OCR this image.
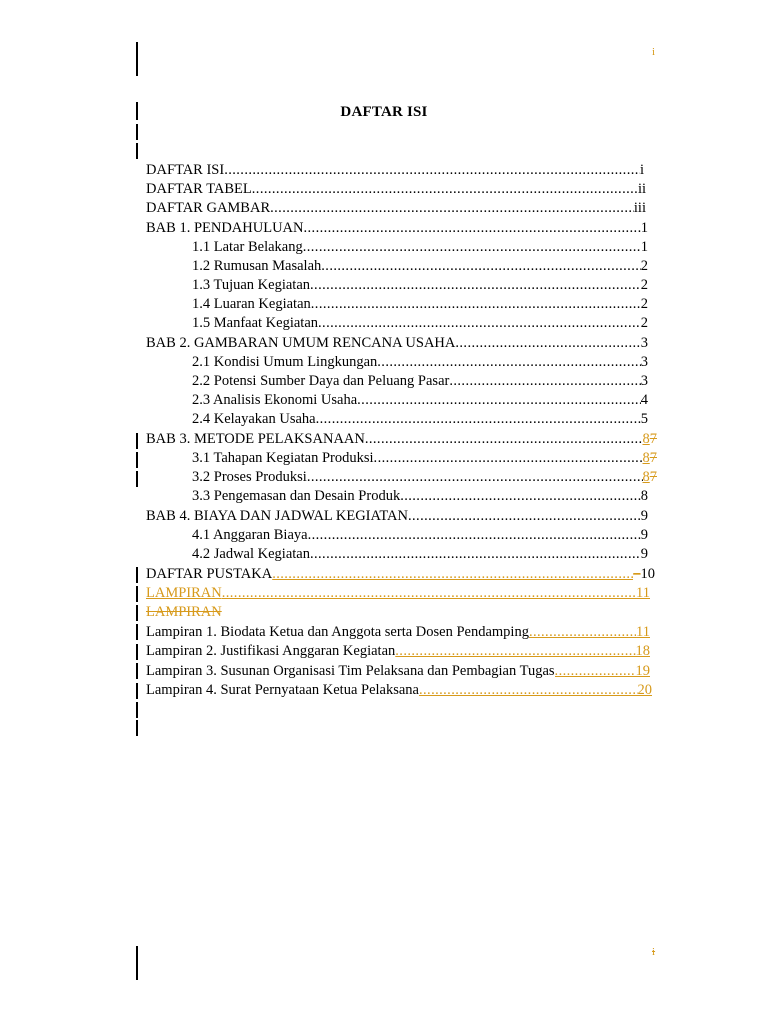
i
i
DAFTAR ISI
DAFTAR ISI .....	i
DAFTAR TABEL .....	ii
DAFTAR GAMBAR .....	iii
BAB 1. PENDAHULUAN .....	1
1.1 Latar Belakang .....	1
1.2 Rumusan Masalah .....	2
1.3 Tujuan Kegiatan .....	2
1.4 Luaran Kegiatan .....	2
1.5 Manfaat Kegiatan .....	2
BAB 2. GAMBARAN UMUM RENCANA USAHA .....	3
2.1 Kondisi Umum Lingkungan .....	3
2.2 Potensi Sumber Daya dan Peluang Pasar .....	3
2.3 Analisis Ekonomi Usaha .....	4
2.4 Kelayakan Usaha .....	5
BAB 3. METODE PELAKSANAAN .....	8 7
3.1 Tahapan Kegiatan Produksi .....	8 7
3.2 Proses Produksi .....	8 7
3.3 Pengemasan dan Desain Produk .....	8
BAB 4. BIAYA DAN JADWAL KEGIATAN .....	9
4.1 Anggaran Biaya .....	9
4.2 Jadwal Kegiatan .....	9
DAFTAR PUSTAKA .....	– 10
LAMPIRAN .....	11
LAMPIRAN
Lampiran 1. Biodata Ketua dan Anggota serta Dosen Pendamping .....	11
Lampiran 2. Justifikasi Anggaran Kegiatan .....	18
Lampiran 3. Susunan Organisasi Tim Pelaksana dan Pembagian Tugas .....	19
Lampiran 4. Surat Pernyataan Ketua Pelaksana .....	20
